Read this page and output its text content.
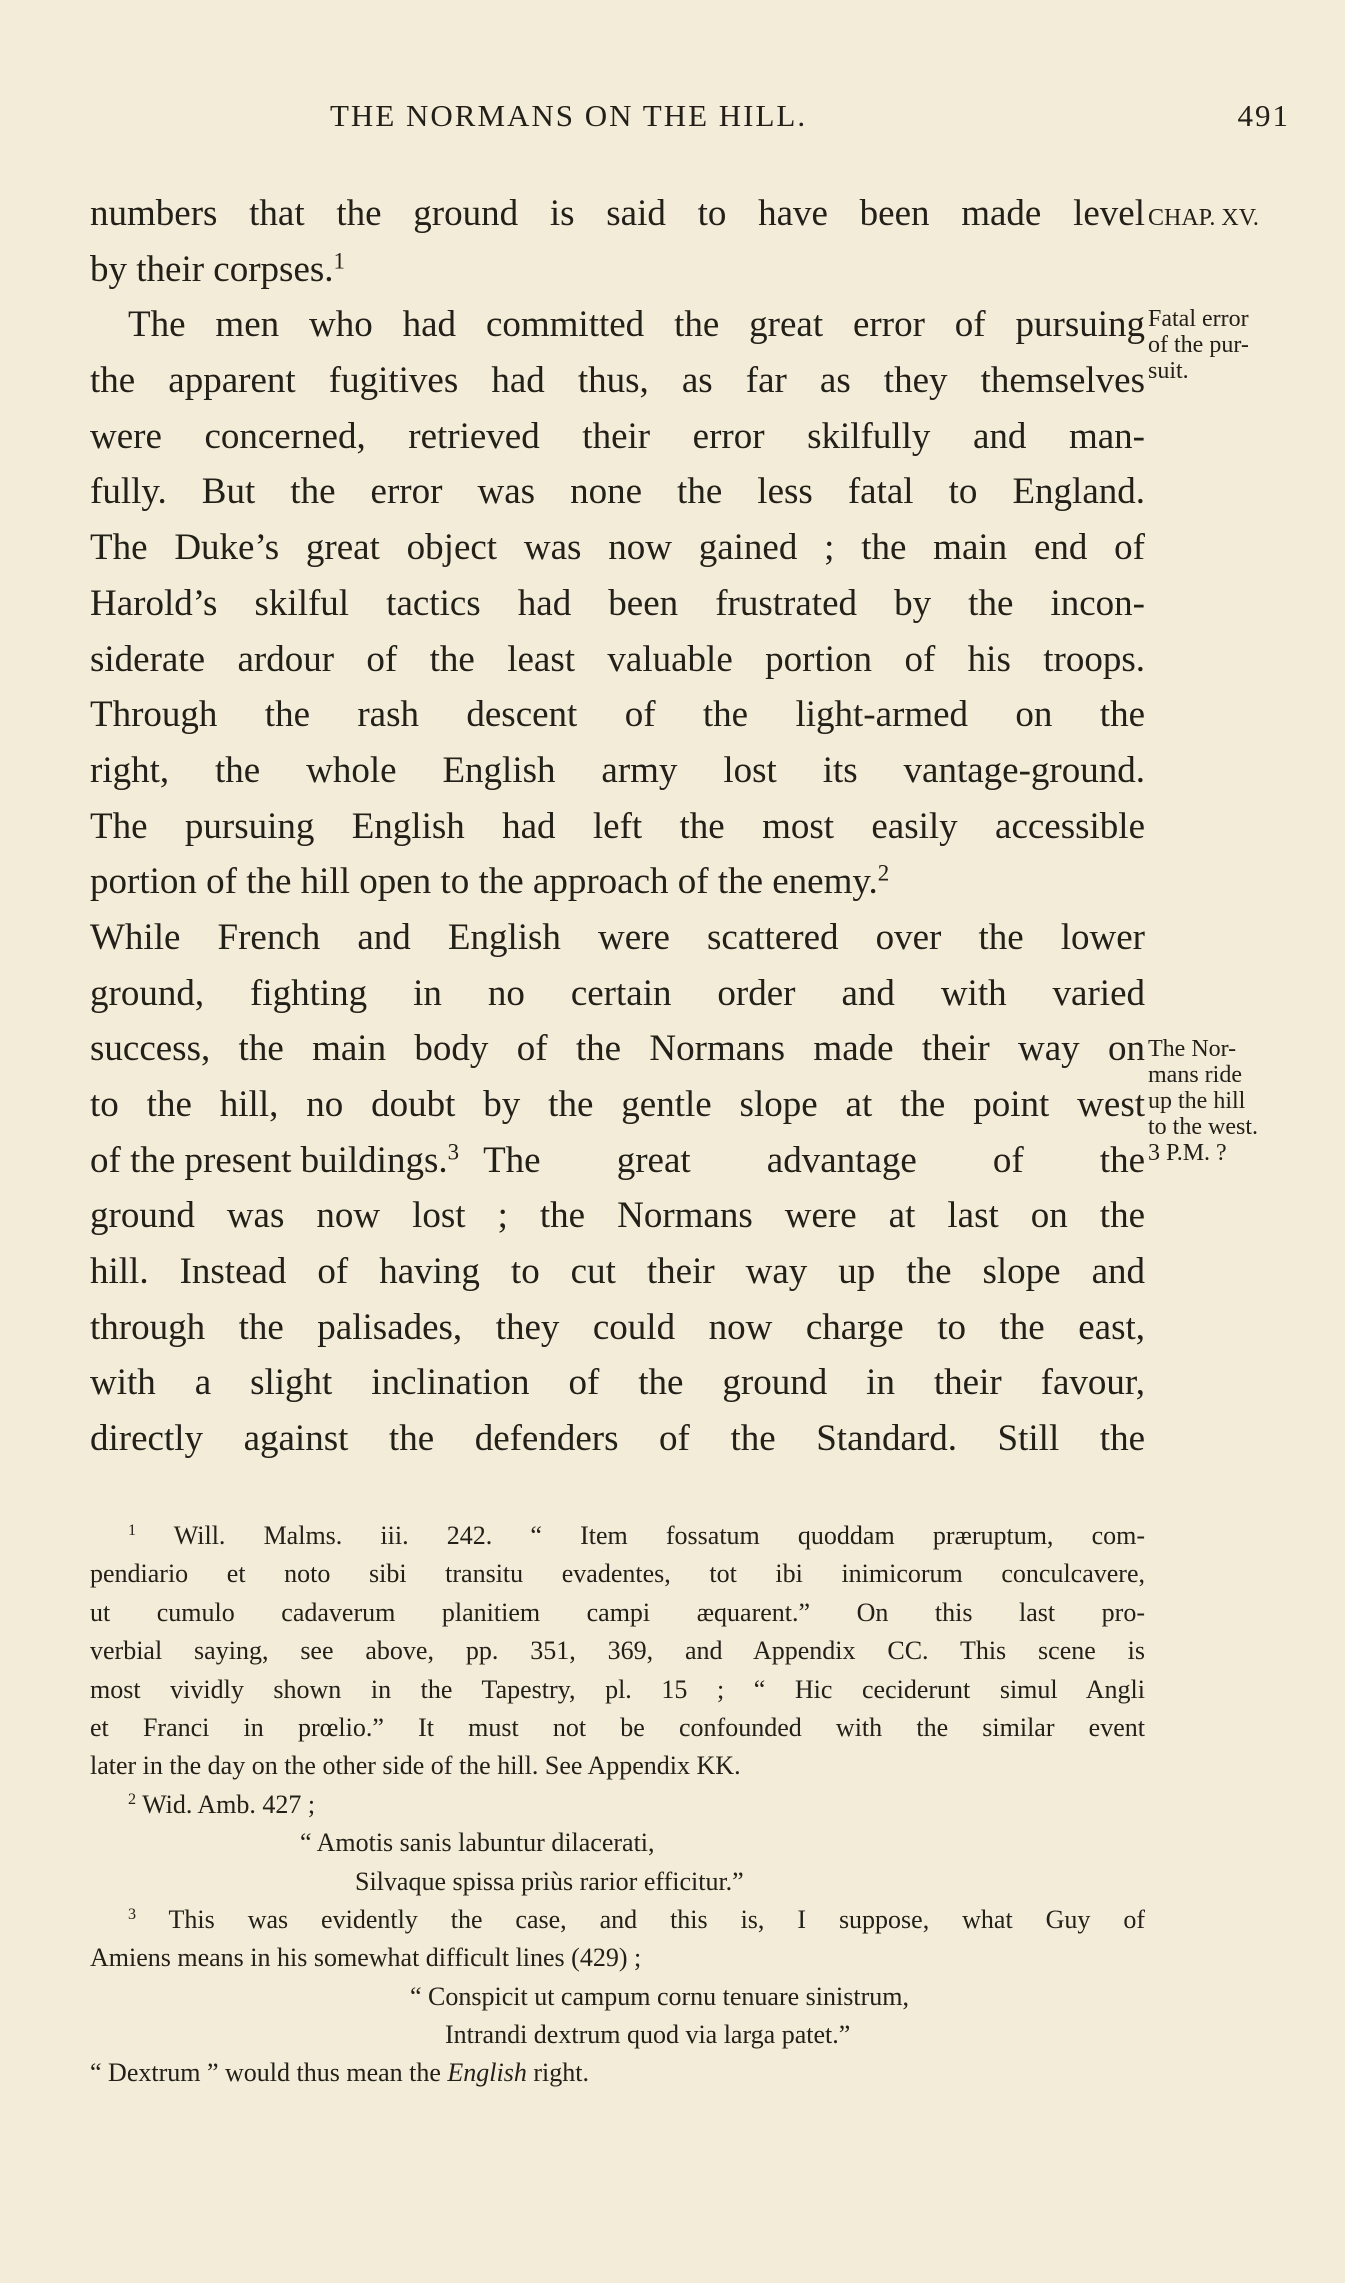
THE NORMANS ON THE HILL.	491
CHAP. XV.
Fatal error
of the pur-
suit.
The Nor-
mans ride
up the hill
to the west.
3 P.M. ?
numbers that the ground is said to have been made level
by their corpses.$^1$
The men who had committed the great error of pursuing
the apparent fugitives had thus, as far as they themselves
were concerned, retrieved their error skilfully and man-
fully. But the error was none the less fatal to England.
The Duke’s great object was now gained ; the main end of
Harold’s skilful tactics had been frustrated by the incon-
siderate ardour of the least valuable portion of his troops.
Through the rash descent of the light-armed on the
right, the whole English army lost its vantage-ground.
The pursuing English had left the most easily accessible
portion of the hill open to the approach of the enemy.$^2$
While French and English were scattered over the lower
ground, fighting in no certain order and with varied
success, the main body of the Normans made their way on
to the hill, no doubt by the gentle slope at the point west
of the present buildings.$^3$ The great advantage of the
ground was now lost ; the Normans were at last on the
hill. Instead of having to cut their way up the slope and
through the palisades, they could now charge to the east,
with a slight inclination of the ground in their favour,
directly against the defenders of the Standard. Still the
$^1$ Will. Malms. iii. 242. “ Item fossatum quoddam præruptum, com-
pendiario et noto sibi transitu evadentes, tot ibi inimicorum conculcavere,
ut cumulo cadaverum planitiem campi æquarent.” On this last pro-
verbial saying, see above, pp. 351, 369, and Appendix CC. This scene is
most vividly shown in the Tapestry, pl. 15 ; “ Hic ceciderunt simul Angli
et Franci in prœlio.” It must not be confounded with the similar event
later in the day on the other side of the hill. See Appendix KK.
$^2$ Wid. Amb. 427 ;
“ Amotis sanis labuntur dilacerati,
Silvaque spissa priùs rarior efficitur.”
$^3$ This was evidently the case, and this is, I suppose, what Guy of
Amiens means in his somewhat difficult lines (429) ;
“ Conspicit ut campum cornu tenuare sinistrum,
Intrandi dextrum quod via larga patet.”
“ Dextrum ” would thus mean the English right.
